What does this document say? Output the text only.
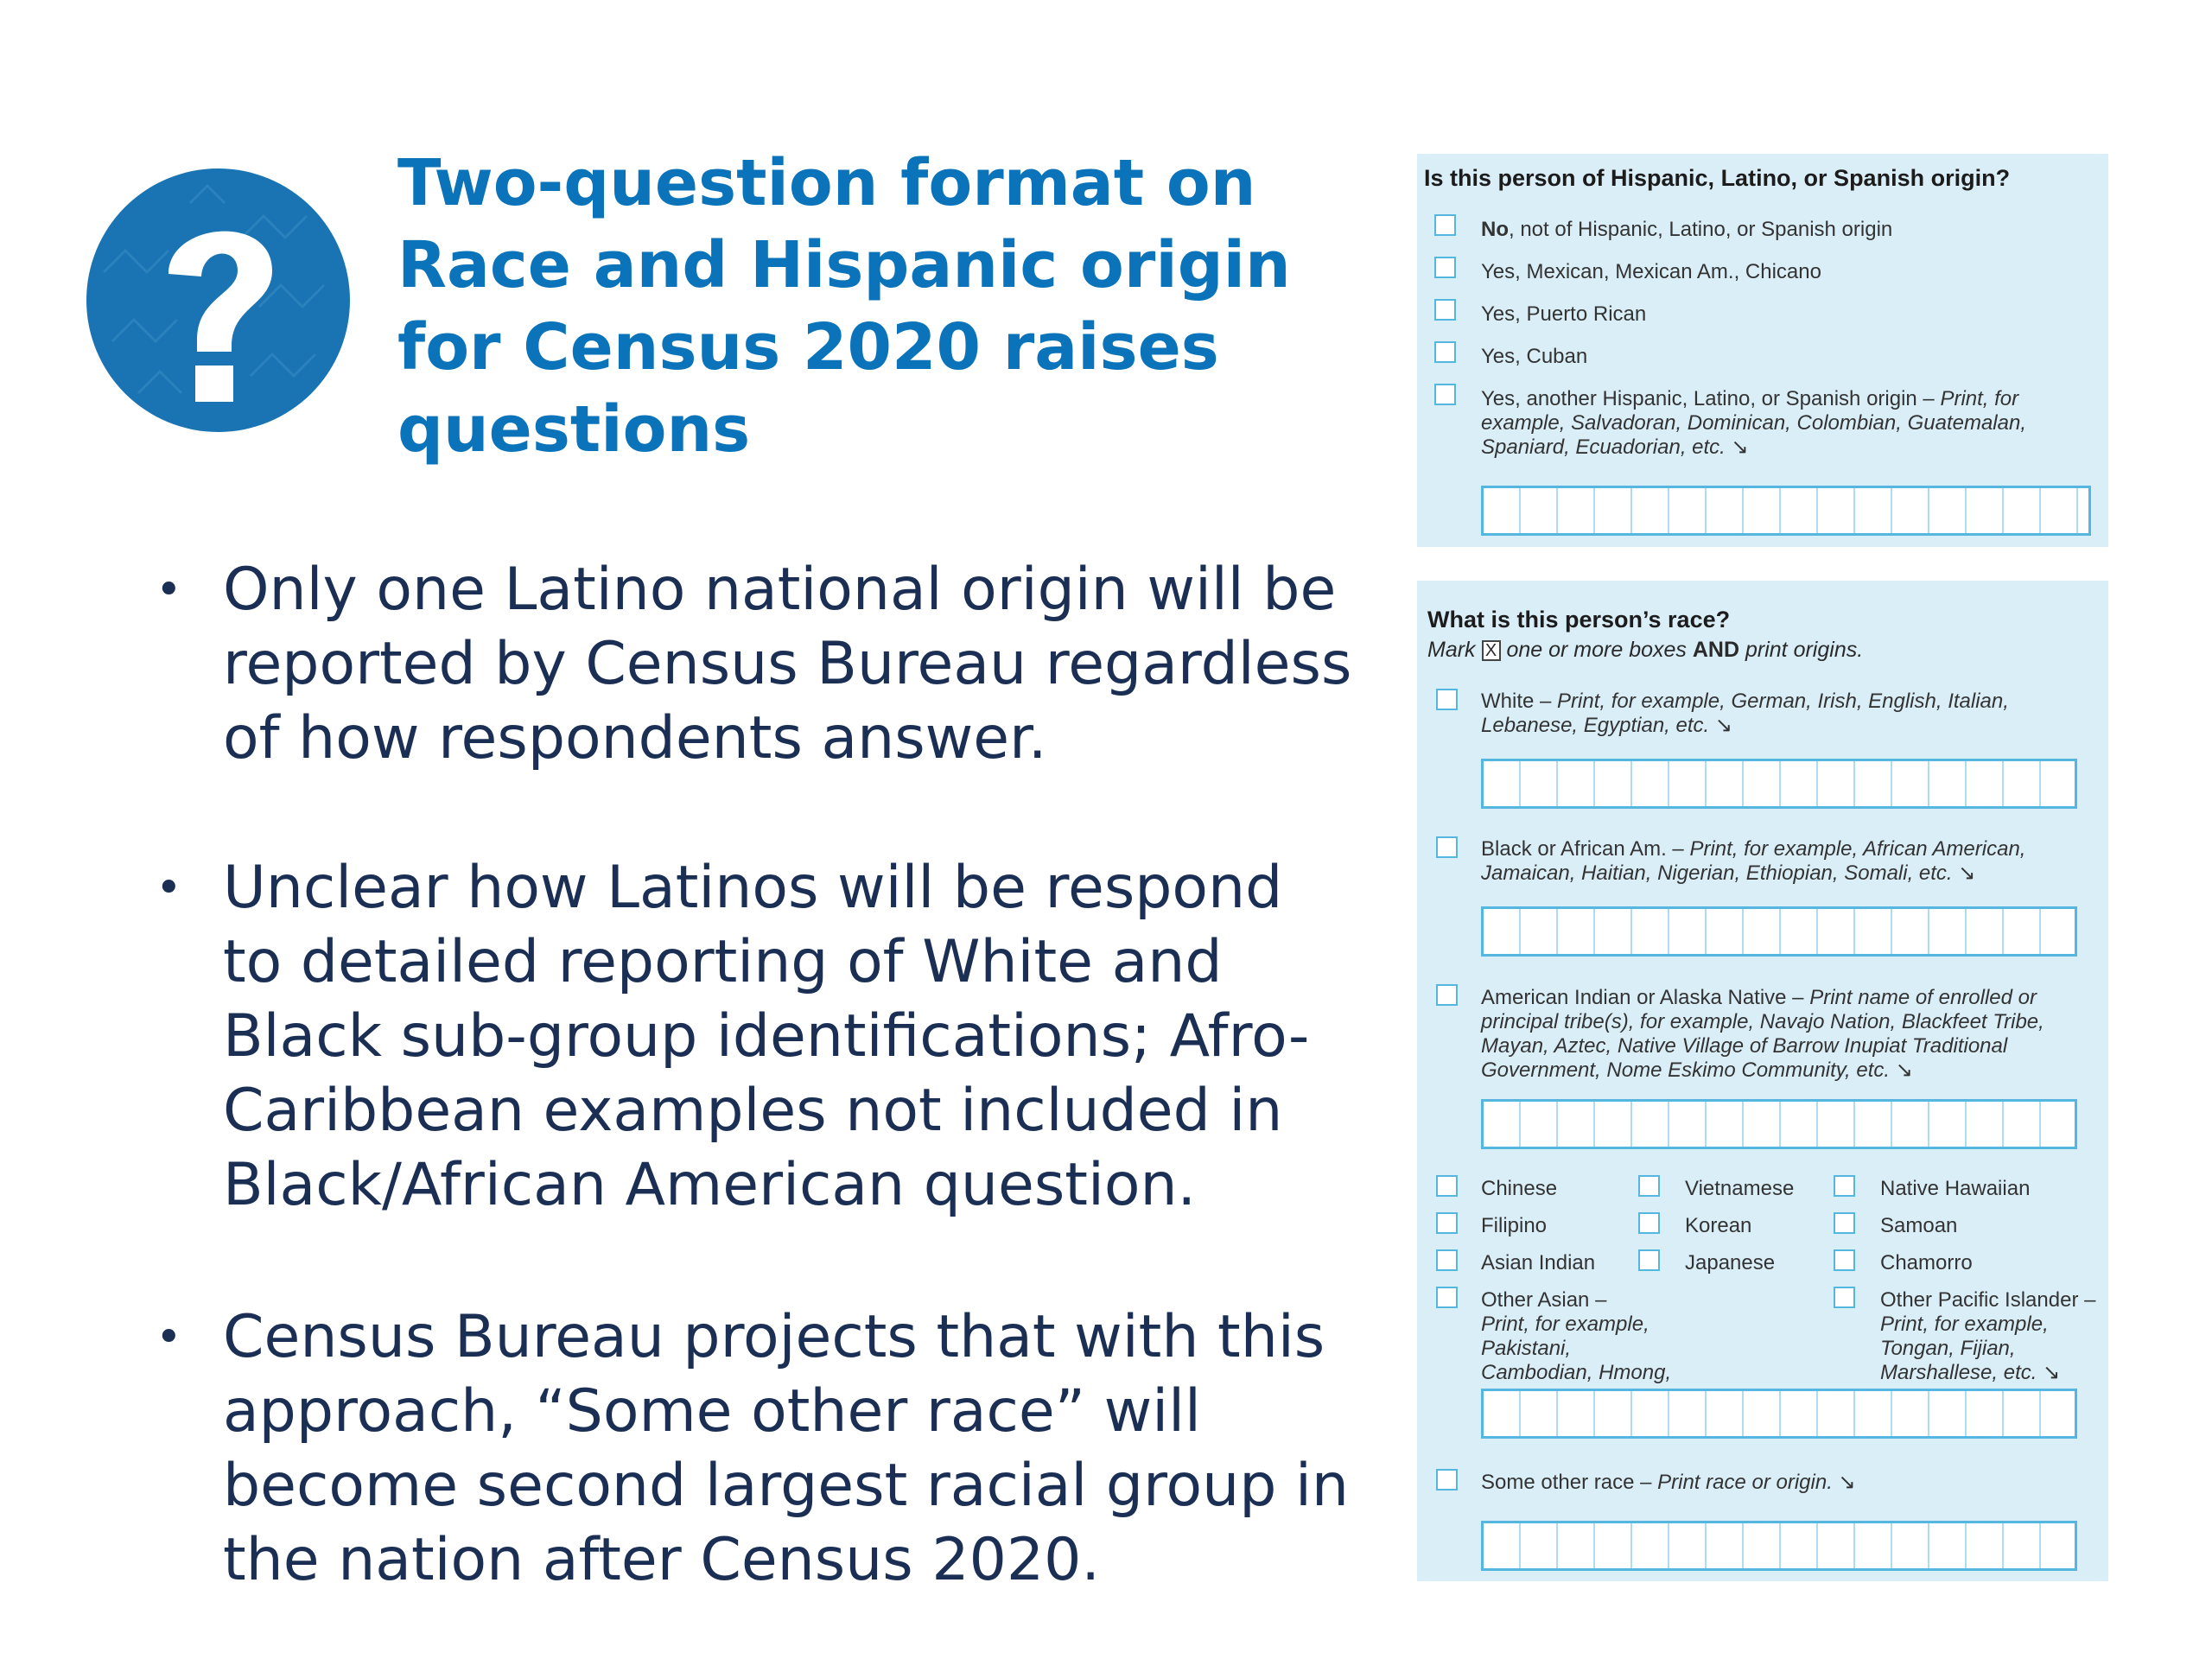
Two-question format on Race and Hispanic origin for Census 2020 raises questions
• Only one Latino national origin will be reported by Census Bureau regardless of how respondents answer.
• Unclear how Latinos will be respond to detailed reporting of White and Black sub-group identifications; Afro-Caribbean examples not included in Black/African American question.
• Census Bureau projects that with this approach, “Some other race” will become second largest racial group in the nation after Census 2020.
Is this person of Hispanic, Latino, or Spanish origin?
No, not of Hispanic, Latino, or Spanish origin
Yes, Mexican, Mexican Am., Chicano
Yes, Puerto Rican
Yes, Cuban
Yes, another Hispanic, Latino, or Spanish origin – Print, for example, Salvadoran, Dominican, Colombian, Guatemalan, Spaniard, Ecuadorian, etc. ↘
What is this person’s race?
Mark X one or more boxes AND print origins.
White – Print, for example, German, Irish, English, Italian, Lebanese, Egyptian, etc. ↘
Black or African Am. – Print, for example, African American, Jamaican, Haitian, Nigerian, Ethiopian, Somali, etc. ↘
American Indian or Alaska Native – Print name of enrolled or principal tribe(s), for example, Navajo Nation, Blackfeet Tribe, Mayan, Aztec, Native Village of Barrow Inupiat Traditional Government, Nome Eskimo Community, etc. ↘
Chinese
Filipino
Asian Indian
Other Asian –
Print, for example, Pakistani, Cambodian, Hmong,
Vietnamese
Korean
Japanese
Native Hawaiian
Samoan
Chamorro
Other Pacific Islander –
Print, for example, Tongan, Fijian, Marshallese, etc. ↘
Some other race – Print race or origin. ↘
